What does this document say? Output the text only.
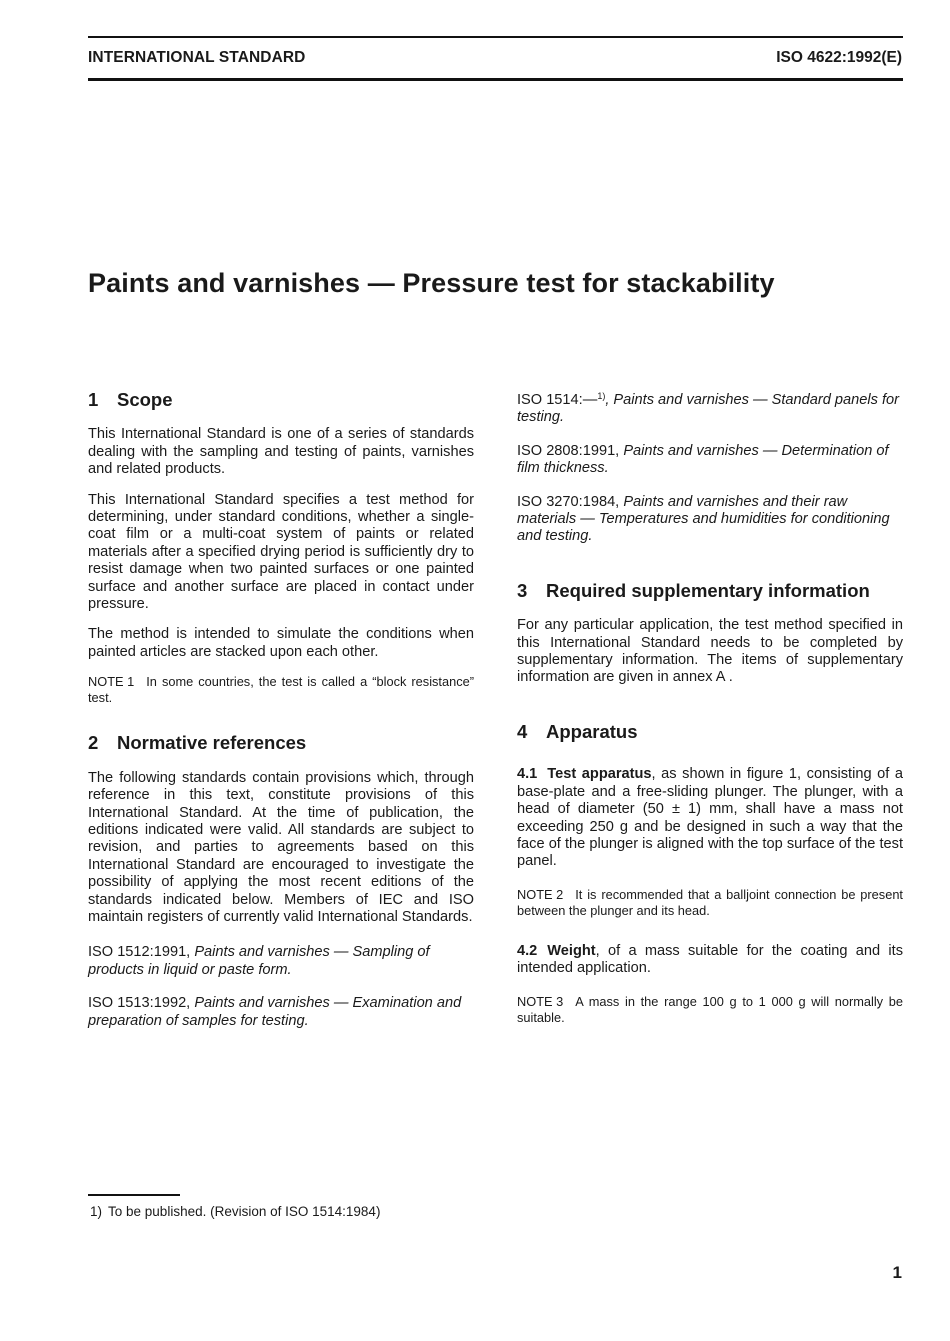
INTERNATIONAL STANDARD	ISO 4622:1992(E)
Paints and varnishes — Pressure test for stackability
1 Scope

This International Standard is one of a series of standards dealing with the sampling and testing of paints, varnishes and related products.

This International Standard specifies a test method for determining, under standard conditions, whether a single-coat film or a multi-coat system of paints or related materials after a specified drying period is sufficiently dry to resist damage when two painted surfaces or one painted surface and another surface are placed in contact under pressure.

The method is intended to simulate the conditions when painted articles are stacked upon each other.

NOTE 1 In some countries, the test is called a “block resistance” test.
2 Normative references

The following standards contain provisions which, through reference in this text, constitute provisions of this International Standard. At the time of publication, the editions indicated were valid. All standards are subject to revision, and parties to agreements based on this International Standard are encouraged to investigate the possibility of applying the most recent editions of the standards indicated below. Members of IEC and ISO maintain registers of currently valid International Standards.

ISO 1512:1991, Paints and varnishes — Sampling of products in liquid or paste form.
ISO 1513:1992, Paints and varnishes — Examination and preparation of samples for testing.
ISO 1514:—$^{1)}$, Paints and varnishes — Standard panels for testing.
ISO 2808:1991, Paints and varnishes — Determination of film thickness.
ISO 3270:1984, Paints and varnishes and their raw materials — Temperatures and humidities for conditioning and testing.
3 Required supplementary information

For any particular application, the test method specified in this International Standard needs to be completed by supplementary information. The items of supplementary information are given in annex A .

4 Apparatus

4.1 Test apparatus, as shown in figure 1, consisting of a base-plate and a free-sliding plunger. The plunger, with a head of diameter (50 ± 1) mm, shall have a mass not exceeding 250 g and be designed in such a way that the face of the plunger is aligned with the top surface of the test panel.

NOTE 2 It is recommended that a balljoint connection be present between the plunger and its head.

4.2 Weight, of a mass suitable for the coating and its intended application.

NOTE 3 A mass in the range 100 g to 1 000 g will normally be suitable.
1) To be published. (Revision of ISO 1514:1984)
1
